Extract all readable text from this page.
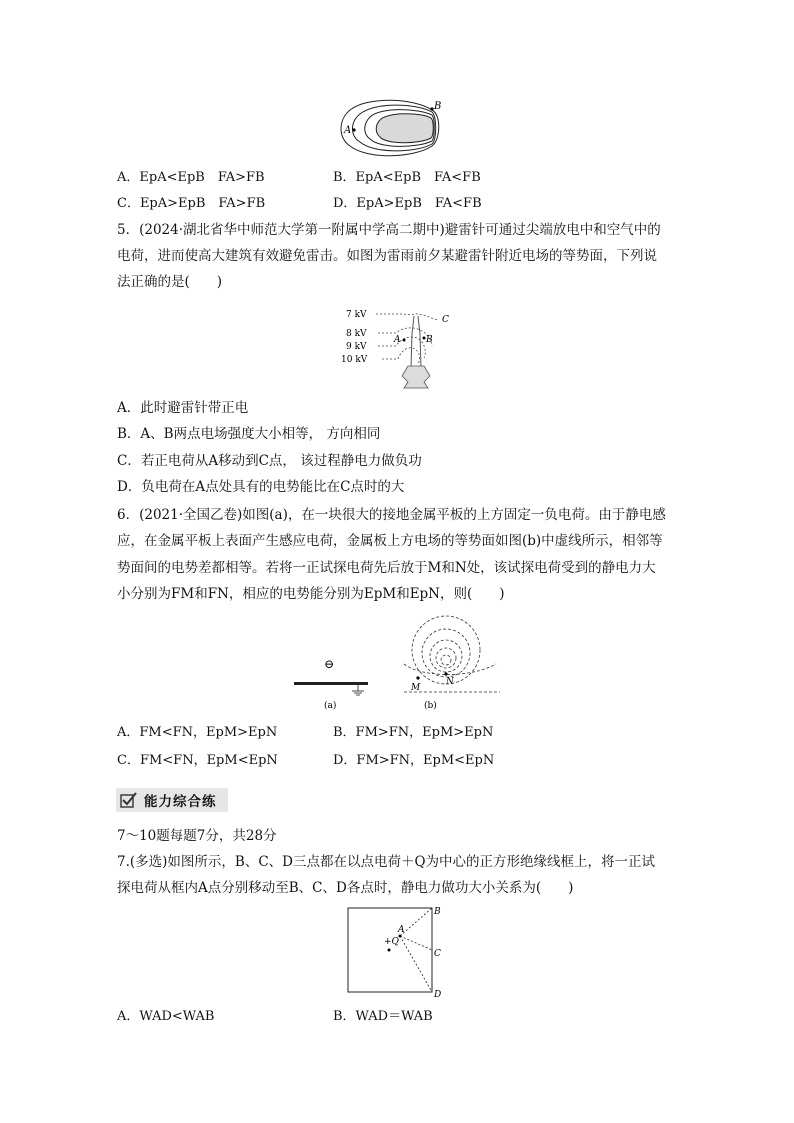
B
A
A．EpA<EpB　FA>FB	B．EpA<EpB　FA<FB
C．EpA>EpB　FA>FB	D．EpA>EpB　FA<FB
5．(2024·湖北省华中师范大学第一附属中学高二期中)避雷针可通过尖端放电中和空气中的
电荷，进而使高大建筑有效避免雷击。如图为雷雨前夕某避雷针附近电场的等势面，下列说
法正确的是(　　)
7 kV
8 kV
9 kV
10 kV
A	B
C
A．此时避雷针带正电
B．A、B两点电场强度大小相等， 方向相同
C．若正电荷从A移动到C点， 该过程静电力做负功
D．负电荷在A点处具有的电势能比在C点时的大
6．(2021·全国乙卷)如图(a)，在一块很大的接地金属平板的上方固定一负电荷。由于静电感
应，在金属平板上表面产生感应电荷，金属板上方电场的等势面如图(b)中虚线所示，相邻等
势面间的电势差都相等。若将一正试探电荷先后放于M和N处，该试探电荷受到的静电力大
小分别为FM和FN，相应的电势能分别为EpM和EpN，则(　　)
⊖
(a)
M
N
(b)
A．FM<FN，EpM>EpN	B．FM>FN，EpM>EpN
C．FM<FN，EpM<EpN	D．FM>FN，EpM<EpN
能力综合练
7～10题每题7分，共28分
7.(多选)如图所示，B、C、D三点都在以点电荷＋Q为中心的正方形绝缘线框上，将一正试
探电荷从框内A点分别移动至B、C、D各点时，静电力做功大小关系为(　　)
A
+Q
B
C
D
A．WAD<WAB	B．WAD＝WAB
